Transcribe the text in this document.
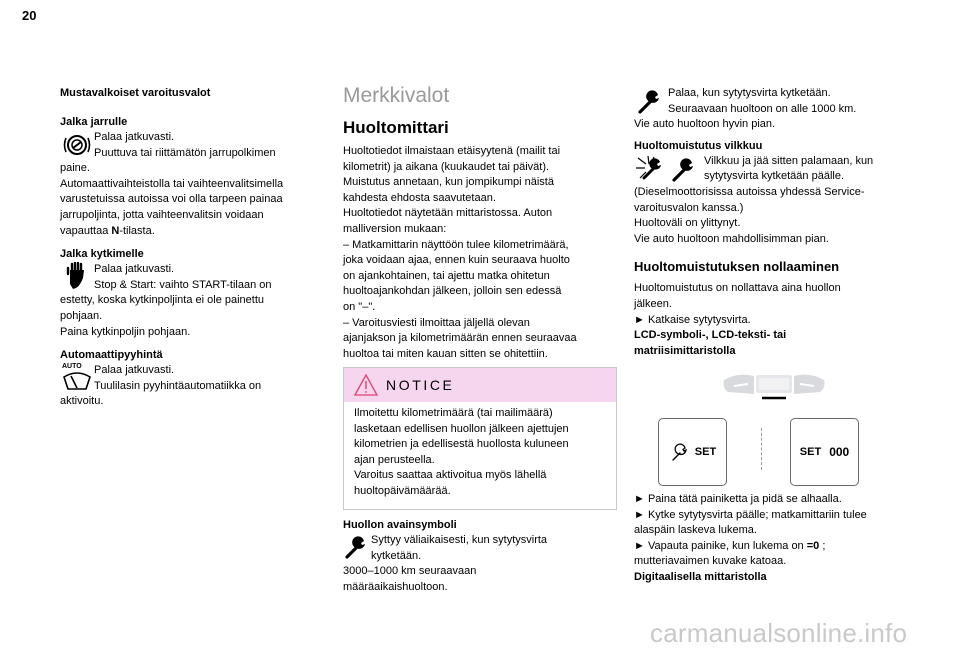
20
Mustavalkoiset varoitusvalot
Jalka jarrulle

Palaa jatkuvasti.

Puuttuva tai riittämätön jarrupolkimen

paine.

Automaattivaihteistolla tai vaihteenvalitsimella

varustetuissa autoissa voi olla tarpeen painaa

jarrupoljinta, jotta vaihteenvalitsin voidaan

vapauttaa N-tilasta.

Jalka kytkimelle

Palaa jatkuvasti.

Stop & Start: vaihto START-tilaan on

estetty, koska kytkinpoljinta ei ole painettu

pohjaan.

Paina kytkinpoljin pohjaan.

Automaattipyyhintä
AUTO Palaa jatkuvasti.

Tuulilasin pyyhintäautomatiikka on

aktivoitu.

Merkkivalot
Huoltomittari

Huoltotiedot ilmaistaan etäisyytenä (mailit tai

kilometrit) ja aikana (kuukaudet tai päivät).

Muistutus annetaan, kun jompikumpi näistä

kahdesta ehdosta saavutetaan.

Huoltotiedot näytetään mittaristossa. Auton

malliversion mukaan:

– Matkamittarin näyttöön tulee kilometrimäärä,

joka voidaan ajaa, ennen kuin seuraava huolto

on ajankohtainen, tai ajettu matka ohitetun

huoltoajankohdan jälkeen, jolloin sen edessä

on "–".

– Varoitusviesti ilmoittaa jäljellä olevan

ajanjakson ja kilometrimäärän ennen seuraavaa

huoltoa tai miten kauan sitten se ohitettiin.

NOTICE

Ilmoitettu kilometrimäärä (tai mailimäärä)

lasketaan edellisen huollon jälkeen ajettujen

kilometrien ja edellisestä huollosta kuluneen

ajan perusteella.

Varoitus saattaa aktivoitua myös lähellä

huoltopäivämäärää.

Huollon avainsymboli

Syttyy väliaikaisesti, kun sytytysvirta

kytketään.

3000–1000 km seuraavaan

määräaikaishuoltoon.

Palaa, kun sytytysvirta kytketään.

Seuraavaan huoltoon on alle 1000 km.

Vie auto huoltoon hyvin pian.

Huoltomuistutus vilkkuu

Vilkkuu ja jää sitten palamaan, kun

sytytysvirta kytketään päälle.

(Dieselmoottorisissa autoissa yhdessä Service-

varoitusvalon kanssa.)

Huoltoväli on ylittynyt.

Vie auto huoltoon mahdollisimman pian.

Huoltomuistutuksen nollaaminen

Huoltomuistutus on nollattava aina huollon

jälkeen.

► Katkaise sytytysvirta.

LCD-symboli-, LCD-teksti- tai

matriisimittaristolla

SET	SET 000

► Paina tätä painiketta ja pidä se alhaalla.

► Kytke sytytysvirta päälle; matkamittariin tulee

alaspäin laskeva lukema.

► Vapauta painike, kun lukema on =0 ;

mutteriavaimen kuvake katoaa.

Digitaalisella mittaristolla

carmanualsonline.info
